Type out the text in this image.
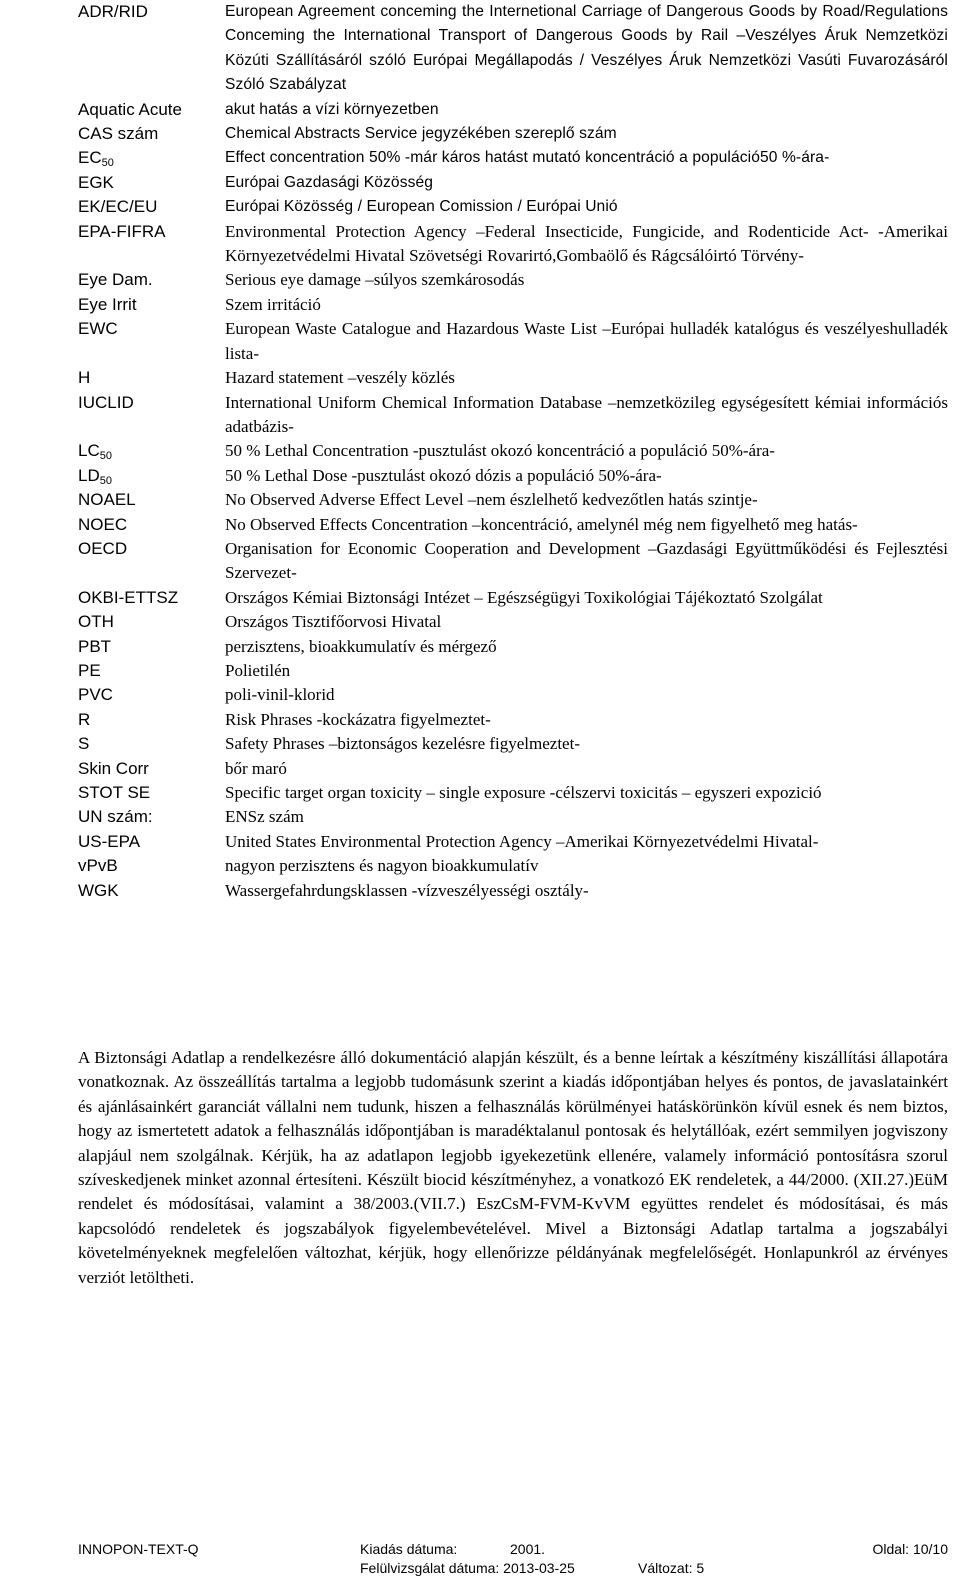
ADR/RID	European Agreement conceming the Internetional Carriage of Dangerous Goods by Road/Regulations Conceming the International Transport of Dangerous Goods by Rail –Veszélyes Áruk Nemzetközi Közúti Szállításáról szóló Európai Megállapodás / Veszélyes Áruk Nemzetközi Vasúti Fuvarozásáról Szóló Szabályzat
Aquatic Acute	akut hatás a vízi környezetben
CAS szám	Chemical Abstracts Service jegyzékében szereplő szám
$EC_{50}$	Effect concentration 50% -már káros hatást mutató koncentráció a populáció50 %-ára-
EGK	Európai Gazdasági Közösség
EK/EC/EU	Európai Közösség / European Comission / Európai Unió
EPA-FIFRA	Environmental Protection Agency –Federal Insecticide, Fungicide, and Rodenticide Act- -Amerikai Környezetvédelmi Hivatal Szövetségi Rovarirtó,Gombaölő és Rágcsálóirtó Törvény-
Eye Dam.	Serious eye damage –súlyos szemkárosodás
Eye Irrit	Szem irritáció
EWC	European Waste Catalogue and Hazardous Waste List –Európai hulladék katalógus és veszélyeshulladék lista-
H	Hazard statement –veszély közlés
IUCLID	International Uniform Chemical Information Database –nemzetközileg egységesített kémiai információs adatbázis-
$LC_{50}$	50 % Lethal Concentration -pusztulást okozó koncentráció a populáció 50%-ára-
$LD_{50}$	50 % Lethal Dose -pusztulást okozó dózis a populáció 50%-ára-
NOAEL	No Observed Adverse Effect Level –nem észlelhető kedvezőtlen hatás szintje-
NOEC	No Observed Effects Concentration –koncentráció, amelynél még nem figyelhető meg hatás-
OECD	Organisation for Economic Cooperation and Development –Gazdasági Együttműködési és Fejlesztési Szervezet-
OKBI-ETTSZ	Országos Kémiai Biztonsági Intézet – Egészségügyi Toxikológiai Tájékoztató Szolgálat
OTH	Országos Tisztifőorvosi Hivatal
PBT	perzisztens, bioakkumulatív és mérgező
PE	Polietilén
PVC	poli-vinil-klorid
R	Risk Phrases -kockázatra figyelmeztet-
S	Safety Phrases –biztonságos kezelésre figyelmeztet-
Skin Corr	bőr maró
STOT SE	Specific target organ toxicity – single exposure -célszervi toxicitás – egyszeri expozició
UN szám:	ENSz szám
US-EPA	United States Environmental Protection Agency –Amerikai Környezetvédelmi Hivatal-
vPvB	nagyon perzisztens és nagyon bioakkumulatív
WGK	Wassergefahrdungsklassen -vízveszélyességi osztály-
A Biztonsági Adatlap a rendelkezésre álló dokumentáció alapján készült, és a benne leírtak a készítmény kiszállítási állapotára vonatkoznak. Az összeállítás tartalma a legjobb tudomásunk szerint a kiadás időpontjában helyes és pontos, de javaslatainkért és ajánlásainkért garanciát vállalni nem tudunk, hiszen a felhasználás körülményei hatáskörünkön kívül esnek és nem biztos, hogy az ismertetett adatok a felhasználás időpontjában is maradéktalanul pontosak és helytállóak, ezért semmilyen jogviszony alapjául nem szolgálnak. Kérjük, ha az adatlapon legjobb igyekezetünk ellenére, valamely információ pontosításra szorul szíveskedjenek minket azonnal értesíteni. Készült biocid készítményhez, a vonatkozó EK rendeletek, a 44/2000. (XII.27.)EüM rendelet és módosításai, valamint a 38/2003.(VII.7.) EszCsM-FVM-KvVM együttes rendelet és módosításai, és más kapcsolódó rendeletek és jogszabályok figyelembevételével. Mivel a Biztonsági Adatlap tartalma a jogszabályi követelményeknek megfelelően változhat, kérjük, hogy ellenőrizze példányának megfelelőségét. Honlapunkról az érvényes verziót letöltheti.
INNOPON-TEXT-Q	Kiadás dátuma:	2001.	Oldal: 10/10
Felülvizsgálat dátuma: 2013-03-25	Változat: 5
